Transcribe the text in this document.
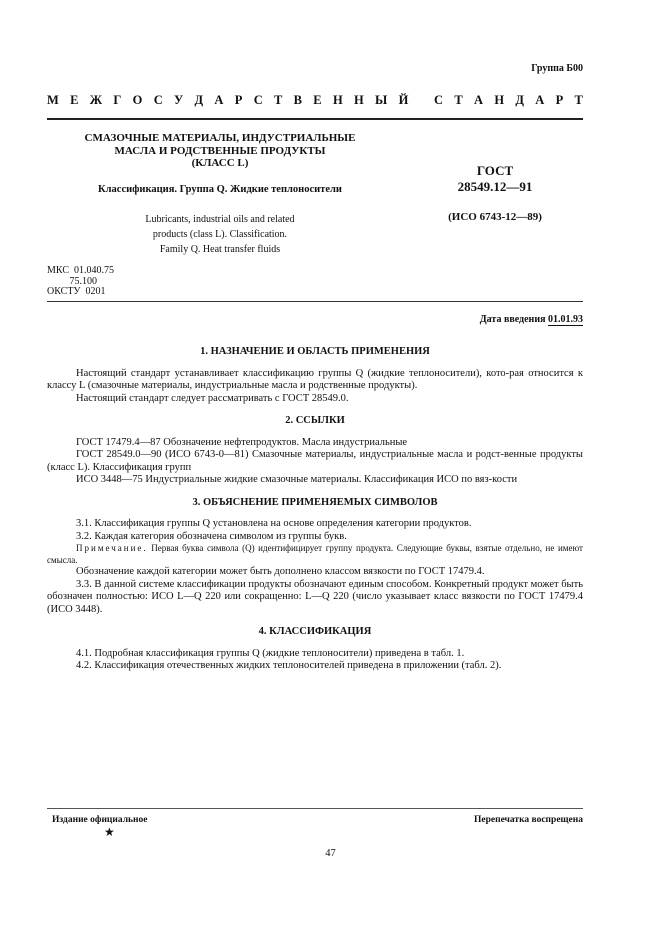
Группа Б00
М Е Ж Г О С У Д А Р С Т В Е Н Н Ы Й
С Т А Н Д А Р Т
СМАЗОЧНЫЕ МАТЕРИАЛЫ, ИНДУСТРИАЛЬНЫЕ
МАСЛА И РОДСТВЕННЫЕ ПРОДУКТЫ
(КЛАСС L)
Классификация. Группа Q. Жидкие теплоносители
Lubricants, industrial oils and related
products (class L). Classification.
Family Q. Heat transfer fluids
ГОСТ
28549.12—91
(ИСО 6743-12—89)
МКС  01.040.75
75.100
ОКСТУ  0201
Дата введения 01.01.93
1. НАЗНАЧЕНИЕ И ОБЛАСТЬ ПРИМЕНЕНИЯ

Настоящий стандарт устанавливает классификацию группы Q (жидкие теплоносители), кото-рая относится к классу L (смазочные материалы, индустриальные масла и родственные продукты).

Настоящий стандарт следует рассматривать с ГОСТ 28549.0.

2. ССЫЛКИ

ГОСТ 17479.4—87 Обозначение нефтепродуктов. Масла индустриальные

ГОСТ 28549.0—90 (ИСО 6743-0—81) Смазочные материалы, индустриальные масла и родст-венные продукты (класс L). Классификация групп

ИСО 3448—75 Индустриальные жидкие смазочные материалы. Классификация ИСО по вяз-кости

3. ОБЪЯСНЕНИЕ ПРИМЕНЯЕМЫХ СИМВОЛОВ

3.1. Классификация группы Q установлена на основе определения категории продуктов.

3.2. Каждая категория обозначена символом из группы букв.

Примечание. Первая буква символа (Q) идентифицирует группу продукта. Следующие буквы, взятые отдельно, не имеют смысла.

Обозначение каждой категории может быть дополнено классом вязкости по ГОСТ 17479.4.

3.3. В данной системе классификации продукты обозначают единым способом. Конкретный продукт может быть обозначен полностью: ИСО L—Q 220 или сокращенно: L—Q 220 (число указывает класс вязкости по ГОСТ 17479.4 (ИСО 3448).

4. КЛАССИФИКАЦИЯ

4.1. Подробная классификация группы Q (жидкие теплоносители) приведена в табл. 1.

4.2. Классификация отечественных жидких теплоносителей приведена в приложении (табл. 2).

Издание официальное	Перепечатка воспрещена
★
47
